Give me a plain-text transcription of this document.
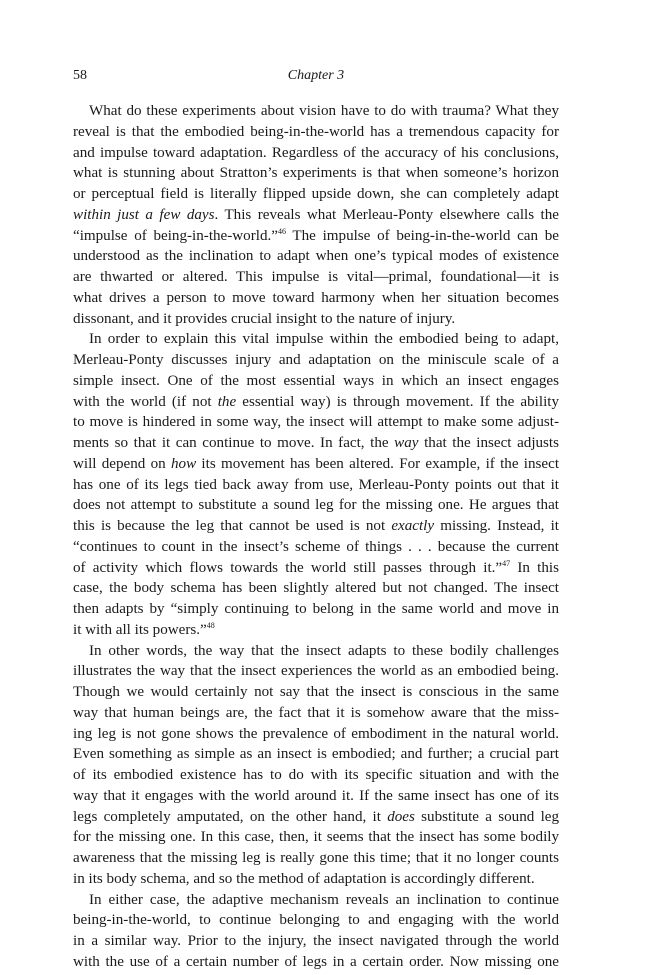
58	Chapter 3
What do these experiments about vision have to do with trauma? What they
reveal is that the embodied being-in-the-world has a tremendous capacity for
and impulse toward adaptation. Regardless of the accuracy of his conclusions,
what is stunning about Stratton’s experiments is that when someone’s horizon
or perceptual field is literally flipped upside down, she can completely adapt
within just a few days. This reveals what Merleau-Ponty elsewhere calls the
“impulse of being-in-the-world.”$^{46}$ The impulse of being-in-the-world can be
understood as the inclination to adapt when one’s typical modes of existence
are thwarted or altered. This impulse is vital—primal, foundational—it is
what drives a person to move toward harmony when her situation becomes
dissonant, and it provides crucial insight to the nature of injury.
In order to explain this vital impulse within the embodied being to adapt,
Merleau-Ponty discusses injury and adaptation on the miniscule scale of a
simple insect. One of the most essential ways in which an insect engages
with the world (if not the essential way) is through movement. If the ability
to move is hindered in some way, the insect will attempt to make some adjust-
ments so that it can continue to move. In fact, the way that the insect adjusts
will depend on how its movement has been altered. For example, if the insect
has one of its legs tied back away from use, Merleau-Ponty points out that it
does not attempt to substitute a sound leg for the missing one. He argues that
this is because the leg that cannot be used is not exactly missing. Instead, it
“continues to count in the insect’s scheme of things . . . because the current
of activity which flows towards the world still passes through it.”$^{47}$ In this
case, the body schema has been slightly altered but not changed. The insect
then adapts by “simply continuing to belong in the same world and move in
it with all its powers.”$^{48}$
In other words, the way that the insect adapts to these bodily challenges
illustrates the way that the insect experiences the world as an embodied being.
Though we would certainly not say that the insect is conscious in the same
way that human beings are, the fact that it is somehow aware that the miss-
ing leg is not gone shows the prevalence of embodiment in the natural world.
Even something as simple as an insect is embodied; and further; a crucial part
of its embodied existence has to do with its specific situation and with the
way that it engages with the world around it. If the same insect has one of its
legs completely amputated, on the other hand, it does substitute a sound leg
for the missing one. In this case, then, it seems that the insect has some bodily
awareness that the missing leg is really gone this time; that it no longer counts
in its body schema, and so the method of adaptation is accordingly different.
In either case, the adaptive mechanism reveals an inclination to continue
being-in-the-world, to continue belonging to and engaging with the world
in a similar way. Prior to the injury, the insect navigated through the world
with the use of a certain number of legs in a certain order. Now missing one
